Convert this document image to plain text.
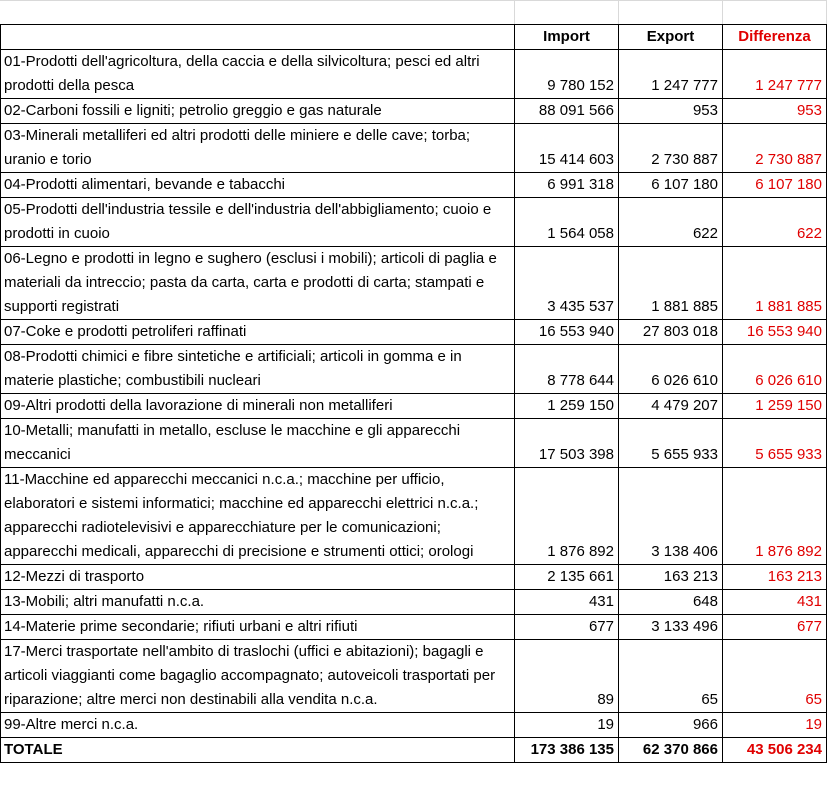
	Import	Export	Differenza
01-Prodotti dell'agricoltura, della caccia e della silvicoltura; pesci ed altri prodotti della pesca	9 780 152	1 247 777	1 247 777
02-Carboni fossili e ligniti; petrolio greggio e gas naturale	88 091 566	953	953
03-Minerali metalliferi ed altri prodotti delle miniere e delle cave; torba; uranio e torio	15 414 603	2 730 887	2 730 887
04-Prodotti alimentari, bevande e tabacchi	6 991 318	6 107 180	6 107 180
05-Prodotti dell'industria tessile e dell'industria dell'abbigliamento; cuoio e prodotti in cuoio	1 564 058	622	622
06-Legno e prodotti in legno e sughero (esclusi i mobili); articoli di paglia e materiali da intreccio; pasta da carta, carta e prodotti di carta; stampati e supporti registrati	3 435 537	1 881 885	1 881 885
07-Coke e prodotti petroliferi raffinati	16 553 940	27 803 018	16 553 940
08-Prodotti chimici e fibre sintetiche e artificiali; articoli in gomma e in materie plastiche; combustibili nucleari	8 778 644	6 026 610	6 026 610
09-Altri prodotti della lavorazione di minerali non metalliferi	1 259 150	4 479 207	1 259 150
10-Metalli; manufatti in metallo, escluse le macchine e gli apparecchi meccanici	17 503 398	5 655 933	5 655 933
11-Macchine ed apparecchi meccanici n.c.a.; macchine per ufficio, elaboratori e sistemi informatici; macchine ed apparecchi elettrici n.c.a.; apparecchi radiotelevisivi e apparecchiature per le comunicazioni; apparecchi medicali, apparecchi di precisione e strumenti ottici; orologi	1 876 892	3 138 406	1 876 892
12-Mezzi di trasporto	2 135 661	163 213	163 213
13-Mobili; altri manufatti n.c.a.	431	648	431
14-Materie prime secondarie; rifiuti urbani e altri rifiuti	677	3 133 496	677
17-Merci trasportate nell'ambito di traslochi (uffici e abitazioni); bagagli e articoli viaggianti come bagaglio accompagnato; autoveicoli trasportati per riparazione; altre merci non destinabili alla vendita n.c.a.	89	65	65
99-Altre merci n.c.a.	19	966	19
TOTALE	173 386 135	62 370 866	43 506 234
